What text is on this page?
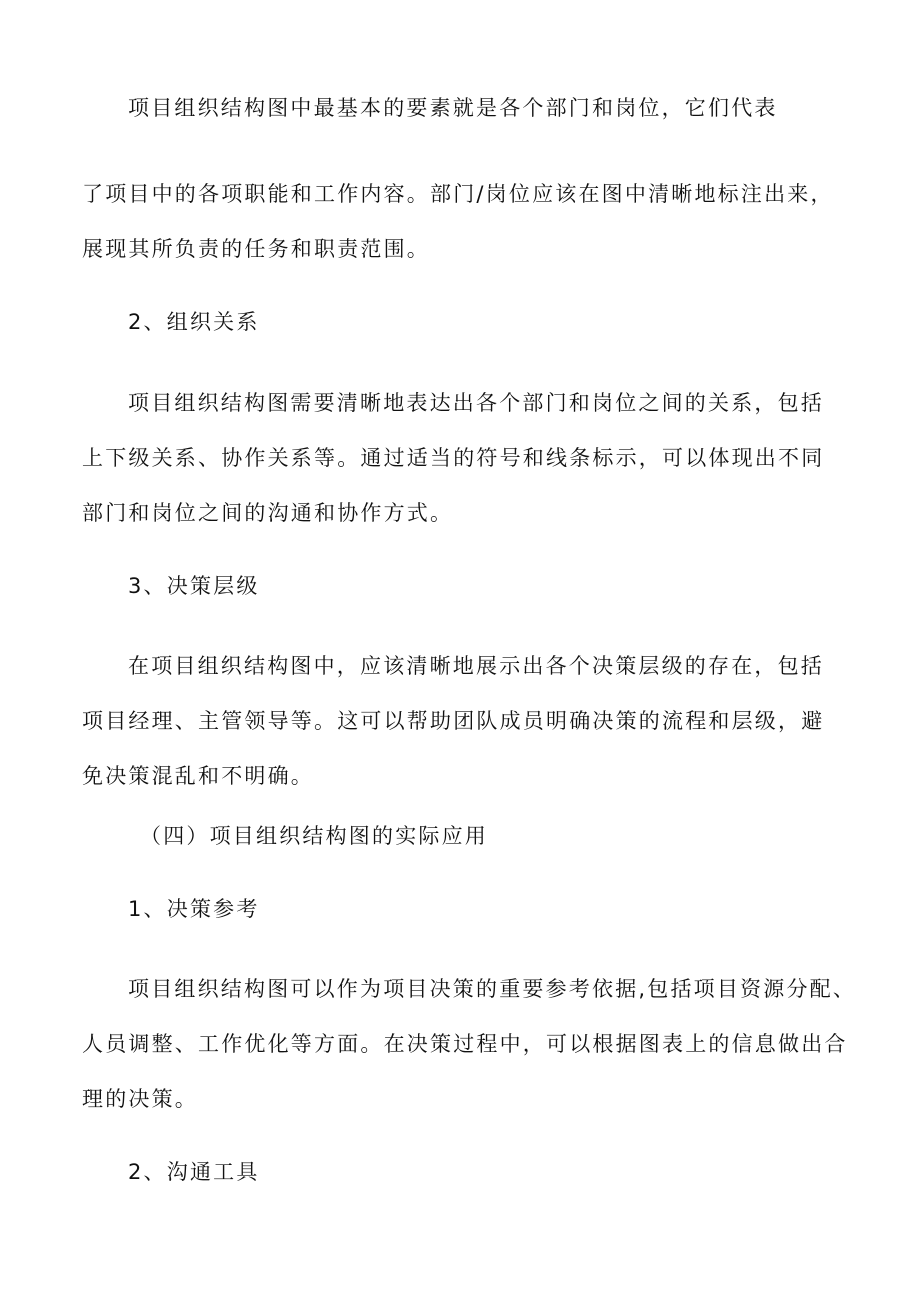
项目组织结构图中最基本的要素就是各个部门和岗位，它们代表
了项目中的各项职能和工作内容。部门/岗位应该在图中清晰地标注出来，
展现其所负责的任务和职责范围。
2、组织关系
项目组织结构图需要清晰地表达出各个部门和岗位之间的关系，包括
上下级关系、协作关系等。通过适当的符号和线条标示，可以体现出不同
部门和岗位之间的沟通和协作方式。
3、决策层级
在项目组织结构图中，应该清晰地展示出各个决策层级的存在，包括
项目经理、主管领导等。这可以帮助团队成员明确决策的流程和层级，避
免决策混乱和不明确。
（四）项目组织结构图的实际应用
1、决策参考
项目组织结构图可以作为项目决策的重要参考依据,包括项目资源分配、
人员调整、工作优化等方面。在决策过程中，可以根据图表上的信息做出合
理的决策。
2、沟通工具
